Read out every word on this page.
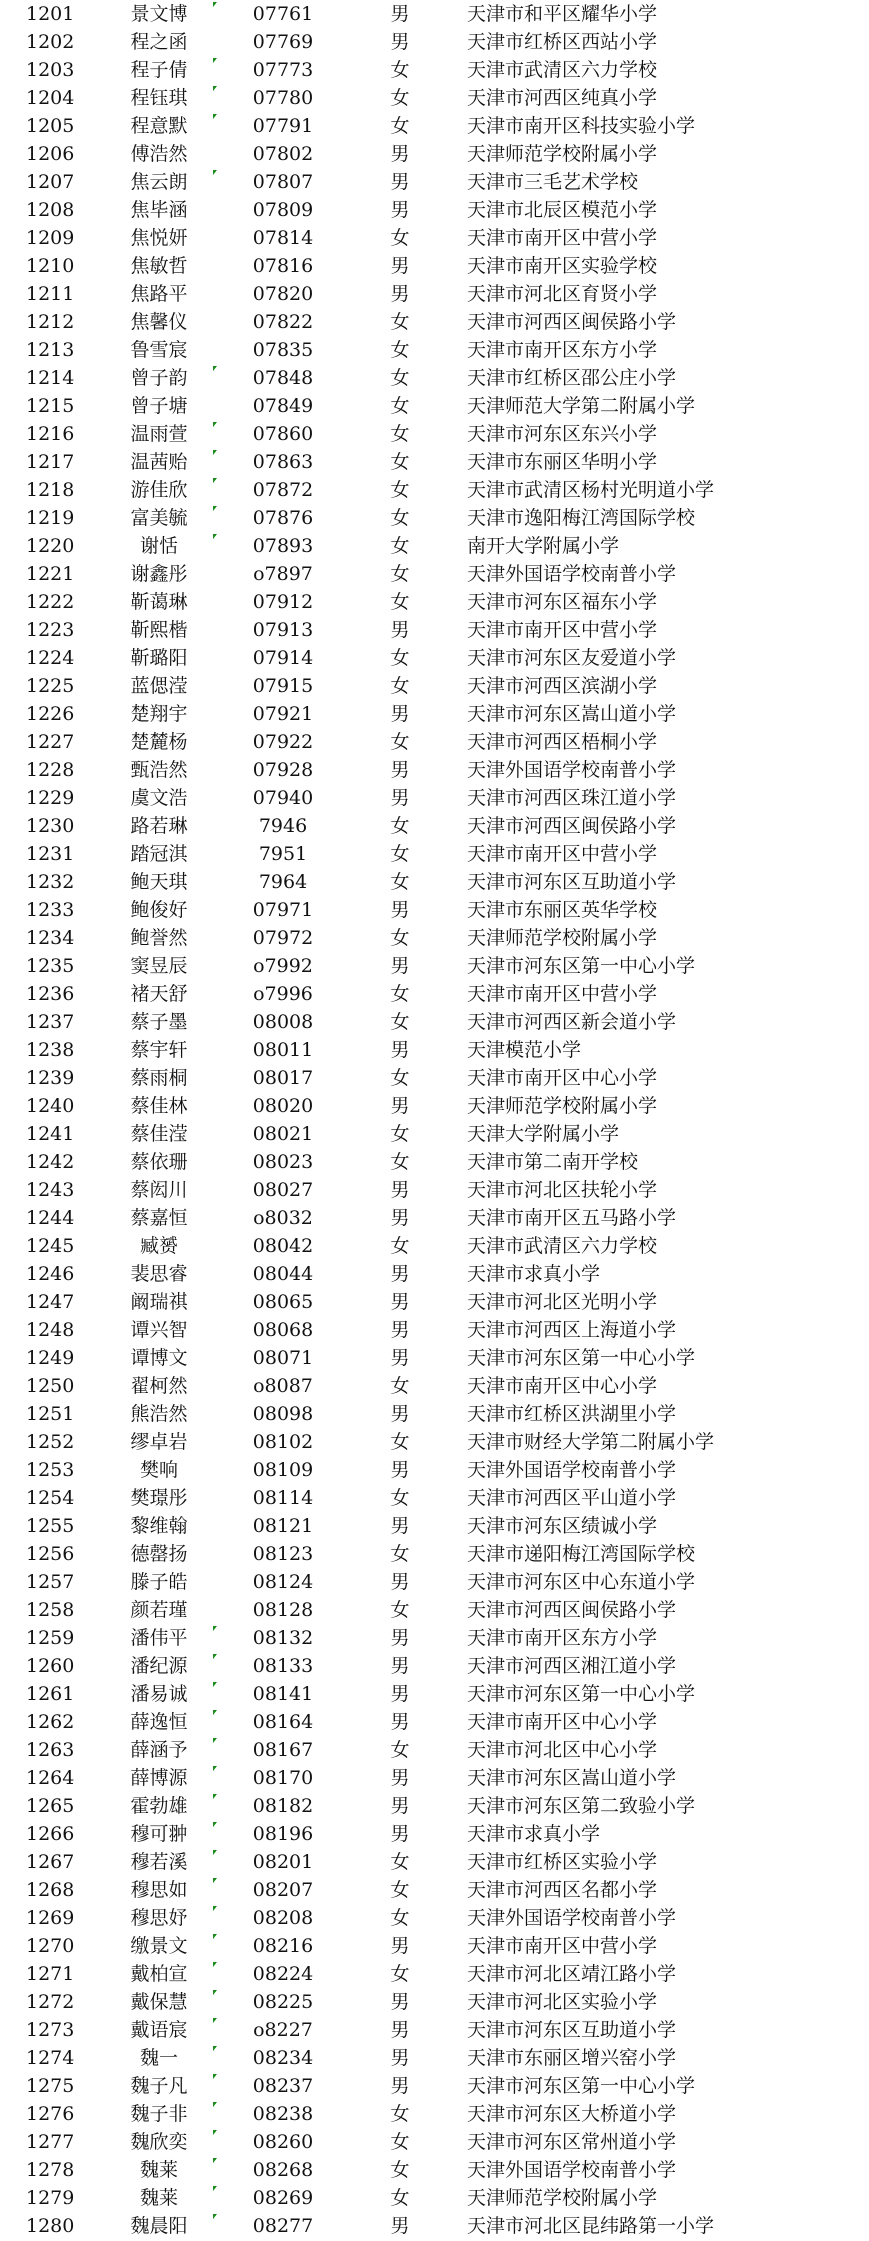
1201	景文博	07761	男	天津市和平区耀华小学
1202	程之函	07769	男	天津市红桥区西站小学
1203	程子倩	07773	女	天津市武清区六力学校
1204	程钰琪	07780	女	天津市河西区纯真小学
1205	程意默	07791	女	天津市南开区科技实验小学
1206	傅浩然	07802	男	天津师范学校附属小学
1207	焦云朗	07807	男	天津市三毛艺术学校
1208	焦毕涵	07809	男	天津市北辰区模范小学
1209	焦悦妍	07814	女	天津市南开区中营小学
1210	焦敏哲	07816	男	天津市南开区实验学校
1211	焦路平	07820	男	天津市河北区育贤小学
1212	焦馨仪	07822	女	天津市河西区闽侯路小学
1213	鲁雪宸	07835	女	天津市南开区东方小学
1214	曾子韵	07848	女	天津市红桥区邵公庄小学
1215	曾子塘	07849	女	天津师范大学第二附属小学
1216	温雨萱	07860	女	天津市河东区东兴小学
1217	温茜贻	07863	女	天津市东丽区华明小学
1218	游佳欣	07872	女	天津市武清区杨村光明道小学
1219	富美毓	07876	女	天津市逸阳梅江湾国际学校
1220	谢恬	07893	女	南开大学附属小学
1221	谢鑫彤	o7897	女	天津外国语学校南普小学
1222	靳蔼琳	07912	女	天津市河东区福东小学
1223	靳熙楷	07913	男	天津市南开区中营小学
1224	靳璐阳	07914	女	天津市河东区友爱道小学
1225	蓝偲滢	07915	女	天津市河西区滨湖小学
1226	楚翔宇	07921	男	天津市河东区嵩山道小学
1227	楚麓杨	07922	女	天津市河西区梧桐小学
1228	甄浩然	07928	男	天津外国语学校南普小学
1229	虞文浩	07940	男	天津市河西区珠江道小学
1230	路若琳	7946	女	天津市河西区闽侯路小学
1231	踏冠淇	7951	女	天津市南开区中营小学
1232	鲍天琪	7964	女	天津市河东区互助道小学
1233	鲍俊好	07971	男	天津市东丽区英华学校
1234	鲍誉然	07972	女	天津师范学校附属小学
1235	窦昱辰	o7992	男	天津市河东区第一中心小学
1236	褚天舒	o7996	女	天津市南开区中营小学
1237	蔡子墨	08008	女	天津市河西区新会道小学
1238	蔡宇轩	08011	男	天津模范小学
1239	蔡雨桐	08017	女	天津市南开区中心小学
1240	蔡佳林	08020	男	天津师范学校附属小学
1241	蔡佳滢	08021	女	天津大学附属小学
1242	蔡依珊	08023	女	天津市第二南开学校
1243	蔡闳川	08027	男	天津市河北区扶轮小学
1244	蔡嘉恒	o8032	男	天津市南开区五马路小学
1245	臧赟	08042	女	天津市武清区六力学校
1246	裴思睿	08044	男	天津市求真小学
1247	阚瑞祺	08065	男	天津市河北区光明小学
1248	谭兴智	08068	男	天津市河西区上海道小学
1249	谭博文	08071	男	天津市河东区第一中心小学
1250	翟柯然	o8087	女	天津市南开区中心小学
1251	熊浩然	08098	男	天津市红桥区洪湖里小学
1252	缪卓岩	08102	女	天津市财经大学第二附属小学
1253	樊响	08109	男	天津外国语学校南普小学
1254	樊璟彤	08114	女	天津市河西区平山道小学
1255	黎维翰	08121	男	天津市河东区绩诚小学
1256	德罄扬	08123	女	天津市递阳梅江湾国际学校
1257	滕子皓	08124	男	天津市河东区中心东道小学
1258	颜若瑾	08128	女	天津市河西区闽侯路小学
1259	潘伟平	08132	男	天津市南开区东方小学
1260	潘纪源	08133	男	天津市河西区湘江道小学
1261	潘易诚	08141	男	天津市河东区第一中心小学
1262	薛逸恒	08164	男	天津市南开区中心小学
1263	薛涵予	08167	女	天津市河北区中心小学
1264	薛博源	08170	男	天津市河东区嵩山道小学
1265	霍勃雄	08182	男	天津市河东区第二致验小学
1266	穆可翀	08196	男	天津市求真小学
1267	穆若溪	08201	女	天津市红桥区实验小学
1268	穆思如	08207	女	天津市河西区名都小学
1269	穆思妤	08208	女	天津外国语学校南普小学
1270	缴景文	08216	男	天津市南开区中营小学
1271	戴柏宣	08224	女	天津市河北区靖江路小学
1272	戴保慧	08225	男	天津市河北区实验小学
1273	戴语宸	o8227	男	天津市河东区互助道小学
1274	魏一	08234	男	天津市东丽区增兴窑小学
1275	魏子凡	08237	男	天津市河东区第一中心小学
1276	魏子非	08238	女	天津市河东区大桥道小学
1277	魏欣奕	08260	女	天津市河东区常州道小学
1278	魏莱	08268	女	天津外国语学校南普小学
1279	魏莱	08269	女	天津师范学校附属小学
1280	魏晨阳	08277	男	天津市河北区昆纬路第一小学
